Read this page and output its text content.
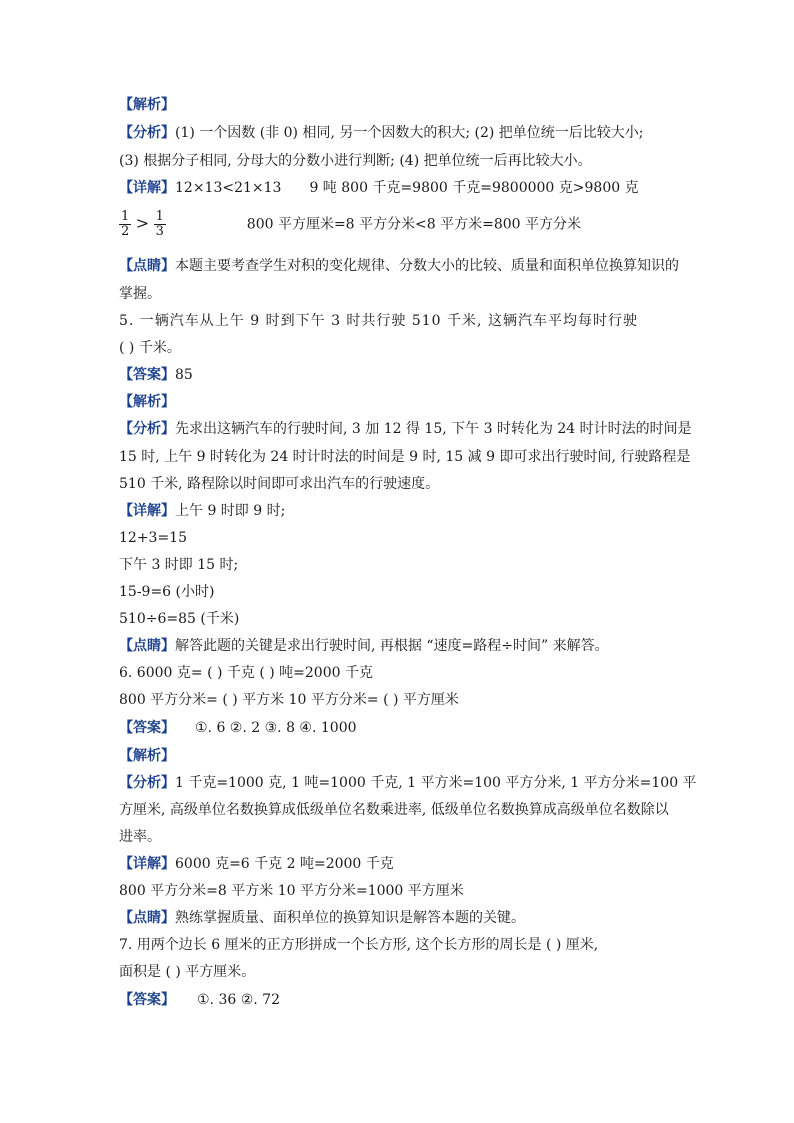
【解析】
【分析】(1) 一个因数 (非 0) 相同, 另一个因数大的积大; (2) 把单位统一后比较大小;
(3) 根据分子相同, 分母大的分数小进行判断; (4) 把单位统一后再比较大小。
【详解】12×13<21×13 9 吨 800 千克=9800 千克=9800000 克>9800 克
$\frac{1}{2} > \frac{1}{3}$	800 平方厘米=8 平方分米<8 平方米=800 平方分米
【点睛】本题主要考查学生对积的变化规律、分数大小的比较、质量和面积单位换算知识的
掌握。
5. 一辆汽车从上午 9 时到下午 3 时共行驶 510 千米, 这辆汽车平均每时行驶
( ) 千米。
【答案】85
【解析】
【分析】先求出这辆汽车的行驶时间, 3 加 12 得 15, 下午 3 时转化为 24 时计时法的时间是
15 时, 上午 9 时转化为 24 时计时法的时间是 9 时, 15 减 9 即可求出行驶时间, 行驶路程是
510 千米, 路程除以时间即可求出汽车的行驶速度。
【详解】上午 9 时即 9 时;
12+3=15
下午 3 时即 15 时;
15-9=6 (小时)
510÷6=85 (千米)
【点睛】解答此题的关键是求出行驶时间, 再根据 “速度=路程÷时间” 来解答。
6. 6000 克= ( ) 千克 ( ) 吨=2000 千克
800 平方分米= ( ) 平方米 10 平方分米= ( ) 平方厘米
【答案】 ①. 6 ②. 2 ③. 8 ④. 1000
【解析】
【分析】1 千克=1000 克, 1 吨=1000 千克, 1 平方米=100 平方分米, 1 平方分米=100 平
方厘米, 高级单位名数换算成低级单位名数乘进率, 低级单位名数换算成高级单位名数除以
进率。
【详解】6000 克=6 千克 2 吨=2000 千克
800 平方分米=8 平方米 10 平方分米=1000 平方厘米
【点睛】熟练掌握质量、面积单位的换算知识是解答本题的关键。
7. 用两个边长 6 厘米的正方形拼成一个长方形, 这个长方形的周长是 ( ) 厘米,
面积是 ( ) 平方厘米。
【答案】 ①. 36 ②. 72
